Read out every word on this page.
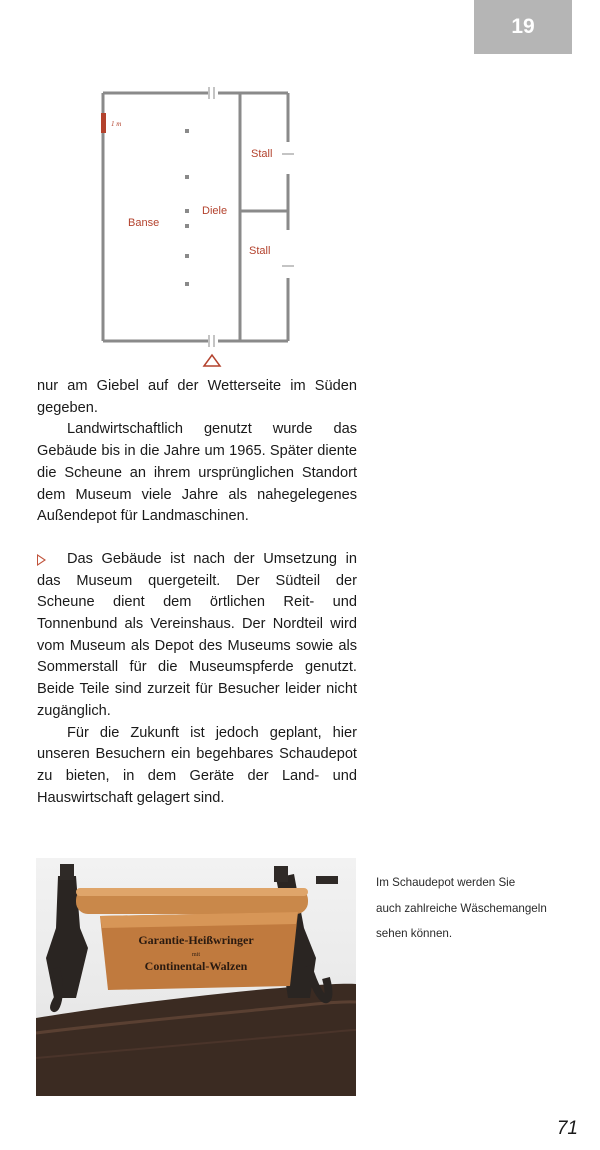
19
1 m
Banse
Diele
Stall
Stall

nur am Giebel auf der Wetterseite im Süden gegeben.

Landwirtschaftlich genutzt wurde das Gebäude bis in die Jahre um 1965. Später diente die Scheune an ihrem ursprünglichen Standort dem Museum viele Jahre als nahegelegenes Außendepot für Landmaschinen.

Das Gebäude ist nach der Umsetzung in das Museum quergeteilt. Der Südteil der Scheune dient dem örtlichen Reit- und Tonnenbund als Vereinshaus. Der Nordteil wird vom Museum als Depot des Museums sowie als Sommerstall für die Museumspferde genutzt. Beide Teile sind zurzeit für Besucher leider nicht zugänglich.

Für die Zukunft ist jedoch geplant, hier unseren Besuchern ein begehbares Schaudepot zu bieten, in dem Geräte der Land- und Hauswirtschaft gelagert sind.

Garantie-Heißwringer
mit
Continental-Walzen

Im Schaudepot werden Sie

auch zahlreiche Wäschemangeln

sehen können.

71
